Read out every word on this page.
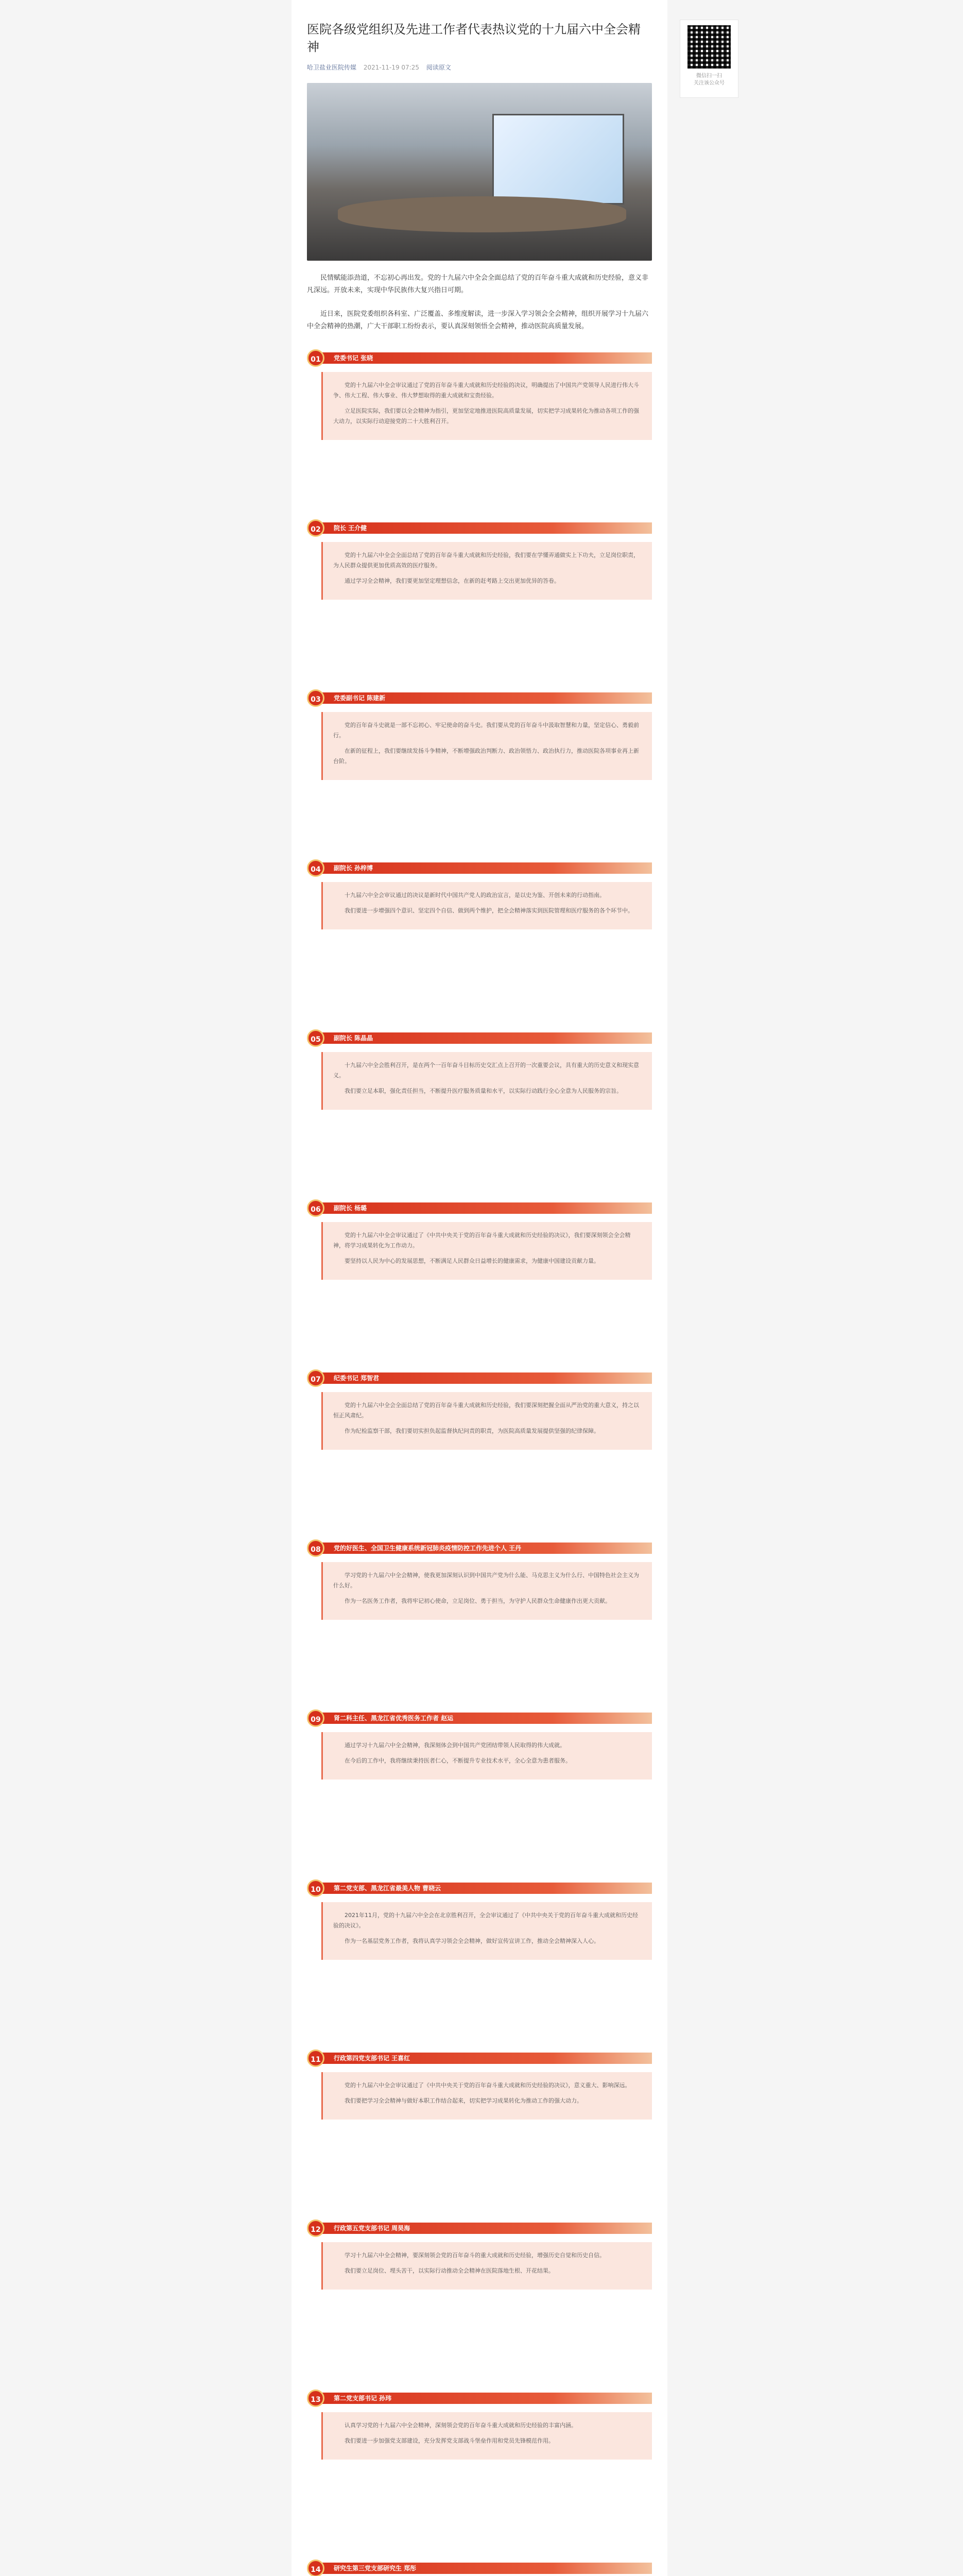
医院各级党组织及先进工作者代表热议党的十九届六中全会精神
哈卫盐业医院传媒 2021-11-19 07:25 阅读原文

民情赋能添劲道，不忘初心再出发。党的十九届六中全会全面总结了党的百年奋斗重大成就和历史经验，意义非凡深远。开放未来，实现中华民族伟大复兴指日可期。

近日来，医院党委组织各科室、广泛覆盖、多维度解读，进一步深入学习领会全会精神，组织开展学习十九届六中全会精神的热潮，广大干部职工纷纷表示，要认真深刻领悟全会精神，推动医院高质量发展。

党委书记 张晓
01

党的十九届六中全会审议通过了党的百年奋斗重大成就和历史经验的决议，明确提出了中国共产党领导人民进行伟大斗争、伟大工程、伟大事业、伟大梦想取得的重大成就和宝贵经验。

立足医院实际，我们要以全会精神为指引，更加坚定地推进医院高质量发展，切实把学习成果转化为推动各项工作的强大动力，以实际行动迎接党的二十大胜利召开。

院长 王介健
02

党的十九届六中全会全面总结了党的百年奋斗重大成就和历史经验，我们要在学懂弄通做实上下功夫，立足岗位职责，为人民群众提供更加优质高效的医疗服务。

通过学习全会精神，我们要更加坚定理想信念，在新的赶考路上交出更加优异的答卷。

党委副书记 陈建新
03

党的百年奋斗史就是一部不忘初心、牢记使命的奋斗史。我们要从党的百年奋斗中汲取智慧和力量，坚定信心、勇毅前行。

在新的征程上，我们要继续发扬斗争精神，不断增强政治判断力、政治领悟力、政治执行力，推动医院各项事业再上新台阶。

副院长 孙梓博
04

十九届六中全会审议通过的决议是新时代中国共产党人的政治宣言，是以史为鉴、开创未来的行动指南。

我们要进一步增强四个意识、坚定四个自信、做到两个维护，把全会精神落实到医院管理和医疗服务的各个环节中。

副院长 陈晶晶
05

十九届六中全会胜利召开，是在两个一百年奋斗目标历史交汇点上召开的一次重要会议，具有重大的历史意义和现实意义。

我们要立足本职，强化责任担当，不断提升医疗服务质量和水平，以实际行动践行全心全意为人民服务的宗旨。

副院长 杨璐
06

党的十九届六中全会审议通过了《中共中央关于党的百年奋斗重大成就和历史经验的决议》，我们要深刻领会全会精神，将学习成果转化为工作动力。

要坚持以人民为中心的发展思想，不断满足人民群众日益增长的健康需求，为健康中国建设贡献力量。

纪委书记 郑智君
07

党的十九届六中全会全面总结了党的百年奋斗重大成就和历史经验，我们要深刻把握全面从严治党的重大意义，持之以恒正风肃纪。

作为纪检监察干部，我们要切实担负起监督执纪问责的职责，为医院高质量发展提供坚强的纪律保障。

党的好医生、全国卫生健康系统新冠肺炎疫情防控工作先进个人 王丹
08

学习党的十九届六中全会精神，使我更加深刻认识到中国共产党为什么能、马克思主义为什么行、中国特色社会主义为什么好。

作为一名医务工作者，我将牢记初心使命，立足岗位、勇于担当，为守护人民群众生命健康作出更大贡献。

肾二科主任、黑龙江省优秀医务工作者 赵运
09

通过学习十九届六中全会精神，我深刻体会到中国共产党团结带领人民取得的伟大成就。

在今后的工作中，我将继续秉持医者仁心，不断提升专业技术水平，全心全意为患者服务。

第二党支部、黑龙江省最美人物 曹晓云
10

2021年11月，党的十九届六中全会在北京胜利召开，全会审议通过了《中共中央关于党的百年奋斗重大成就和历史经验的决议》。

作为一名基层党务工作者，我将认真学习领会全会精神，做好宣传宣讲工作，推动全会精神深入人心。

行政第四党支部书记 王喜红
11

党的十九届六中全会审议通过了《中共中央关于党的百年奋斗重大成就和历史经验的决议》，意义重大、影响深远。

我们要把学习全会精神与做好本职工作结合起来，切实把学习成果转化为推动工作的强大动力。

行政第五党支部书记 周昊海
12

学习十九届六中全会精神，要深刻领会党的百年奋斗的重大成就和历史经验，增强历史自觉和历史自信。

我们要立足岗位、埋头苦干，以实际行动推动全会精神在医院落地生根、开花结果。

第二党支部书记 孙玮
13

认真学习党的十九届六中全会精神，深刻领会党的百年奋斗重大成就和历史经验的丰富内涵。

我们要进一步加强党支部建设，充分发挥党支部战斗堡垒作用和党员先锋模范作用。

研究生第三党支部研究生 郑彤
14

微信扫一扫
关注该公众号
